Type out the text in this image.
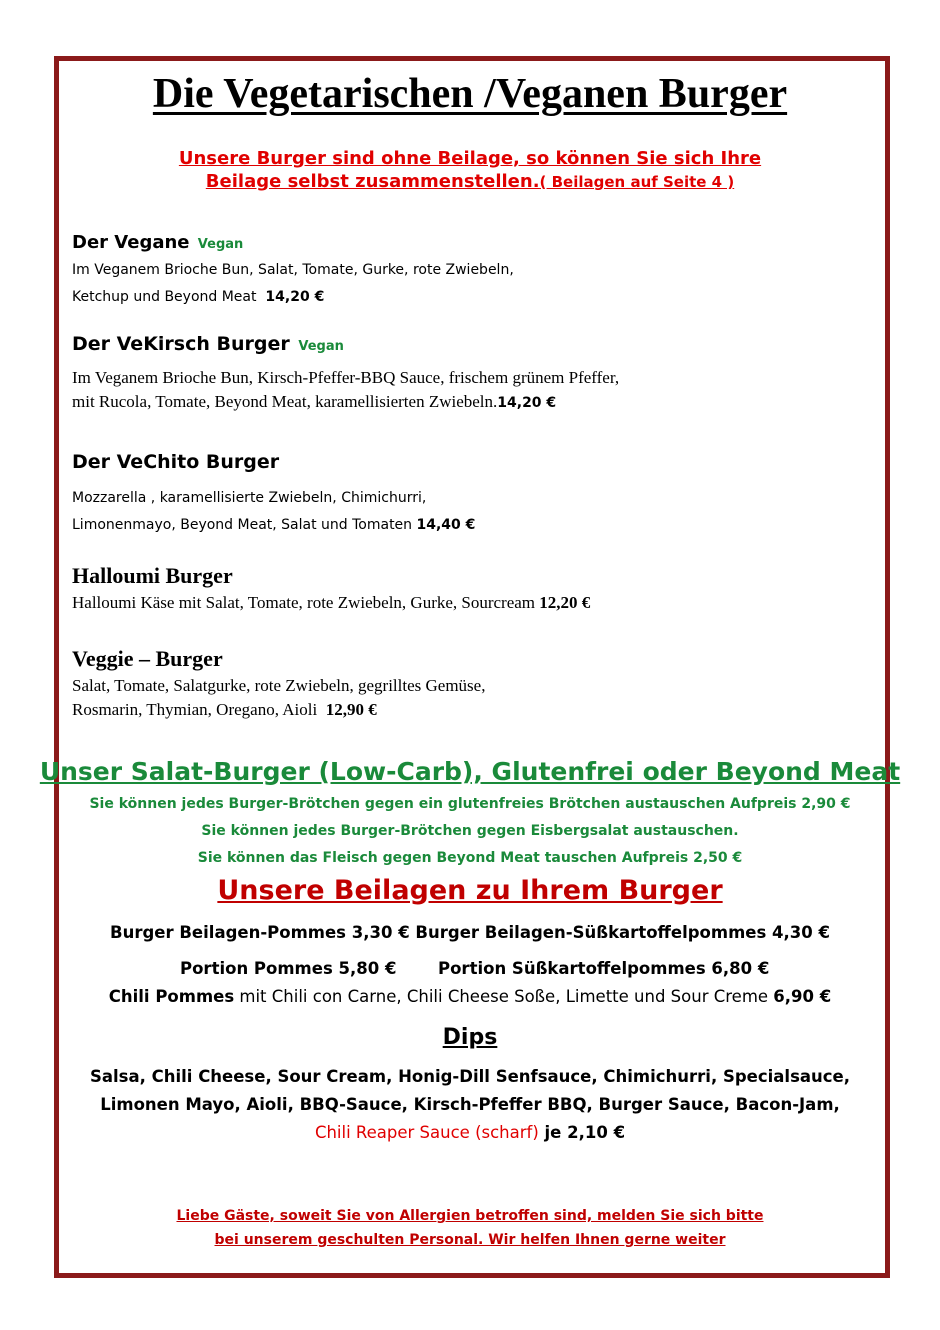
Die Vegetarischen /Veganen Burger
Unsere Burger sind ohne Beilage, so können Sie sich Ihre
Beilage selbst zusammenstellen.( Beilagen auf Seite 4 )
Der Vegane Vegan
Im Veganem Brioche Bun, Salat, Tomate, Gurke, rote Zwiebeln,
Ketchup und Beyond Meat 14,20 €
Der VeKirsch Burger Vegan
Im Veganem Brioche Bun, Kirsch-Pfeffer-BBQ Sauce, frischem grünem Pfeffer,
mit Rucola, Tomate, Beyond Meat, karamellisierten Zwiebeln.14,20 €
Der VeChito Burger
Mozzarella , karamellisierte Zwiebeln, Chimichurri,
Limonenmayo, Beyond Meat, Salat und Tomaten 14,40 €
Halloumi Burger
Halloumi Käse mit Salat, Tomate, rote Zwiebeln, Gurke, Sourcream 12,20 €
Veggie – Burger
Salat, Tomate, Salatgurke, rote Zwiebeln, gegrilltes Gemüse,
Rosmarin, Thymian, Oregano, Aioli 12,90 €
Unser Salat-Burger (Low-Carb), Glutenfrei oder Beyond Meat
Sie können jedes Burger-Brötchen gegen ein glutenfreies Brötchen austauschen Aufpreis 2,90 €
Sie können jedes Burger-Brötchen gegen Eisbergsalat austauschen.
Sie können das Fleisch gegen Beyond Meat tauschen Aufpreis 2,50 €
Unsere Beilagen zu Ihrem Burger
Burger Beilagen-Pommes 3,30 € Burger Beilagen-Süßkartoffelpommes 4,30 €
Portion Pommes 5,80 €	Portion Süßkartoffelpommes 6,80 €
Chili Pommes mit Chili con Carne, Chili Cheese Soße, Limette und Sour Creme 6,90 €
Dips
Salsa, Chili Cheese, Sour Cream, Honig-Dill Senfsauce, Chimichurri, Specialsauce,
Limonen Mayo, Aioli, BBQ-Sauce, Kirsch-Pfeffer BBQ, Burger Sauce, Bacon-Jam,
Chili Reaper Sauce (scharf) je 2,10 €
Liebe Gäste, soweit Sie von Allergien betroffen sind, melden Sie sich bitte
bei unserem geschulten Personal. Wir helfen Ihnen gerne weiter
